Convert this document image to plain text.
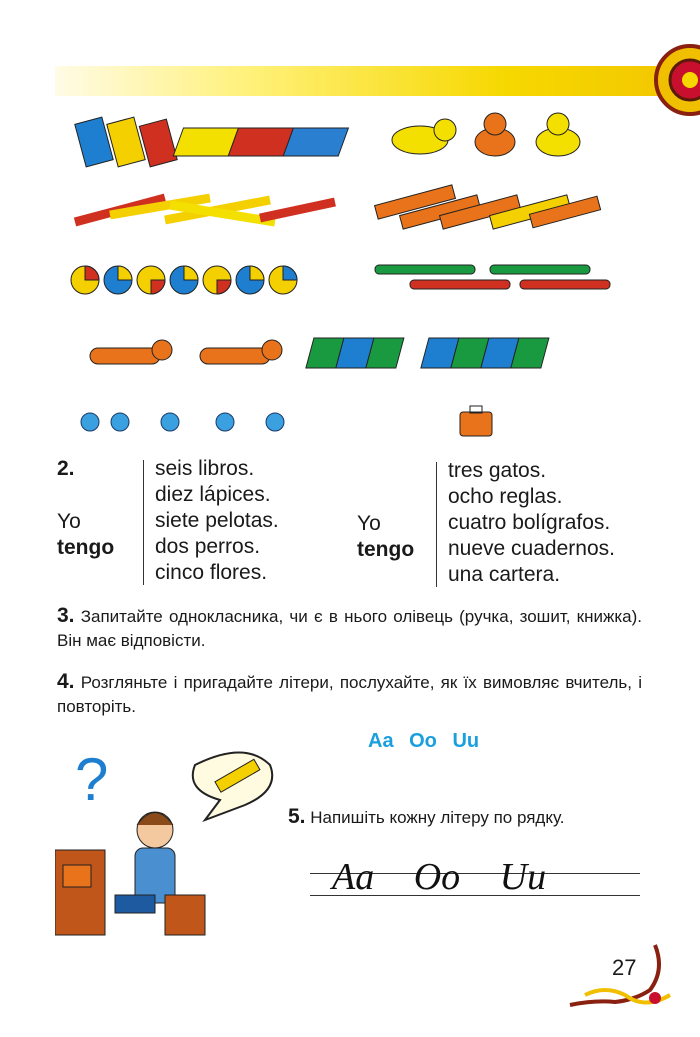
2.
Yo
tengo
seis libros.
diez lápices.
siete pelotas.
dos perros.
cinco flores.
Yo
tengo
tres gatos.
ocho reglas.
cuatro bolígrafos.
nueve cuadernos.
una cartera.
3. Запитайте однокласника, чи є в нього олівець (ручка, зошит, книжка). Він має відповісти.
4. Розгляньте і пригадайте літери, послухайте, як їх вимовляє вчитель, і повторіть.
Aa Oo Uu
?
5. Напишіть кожну літеру по рядку.
Aa Oo Uu
27
